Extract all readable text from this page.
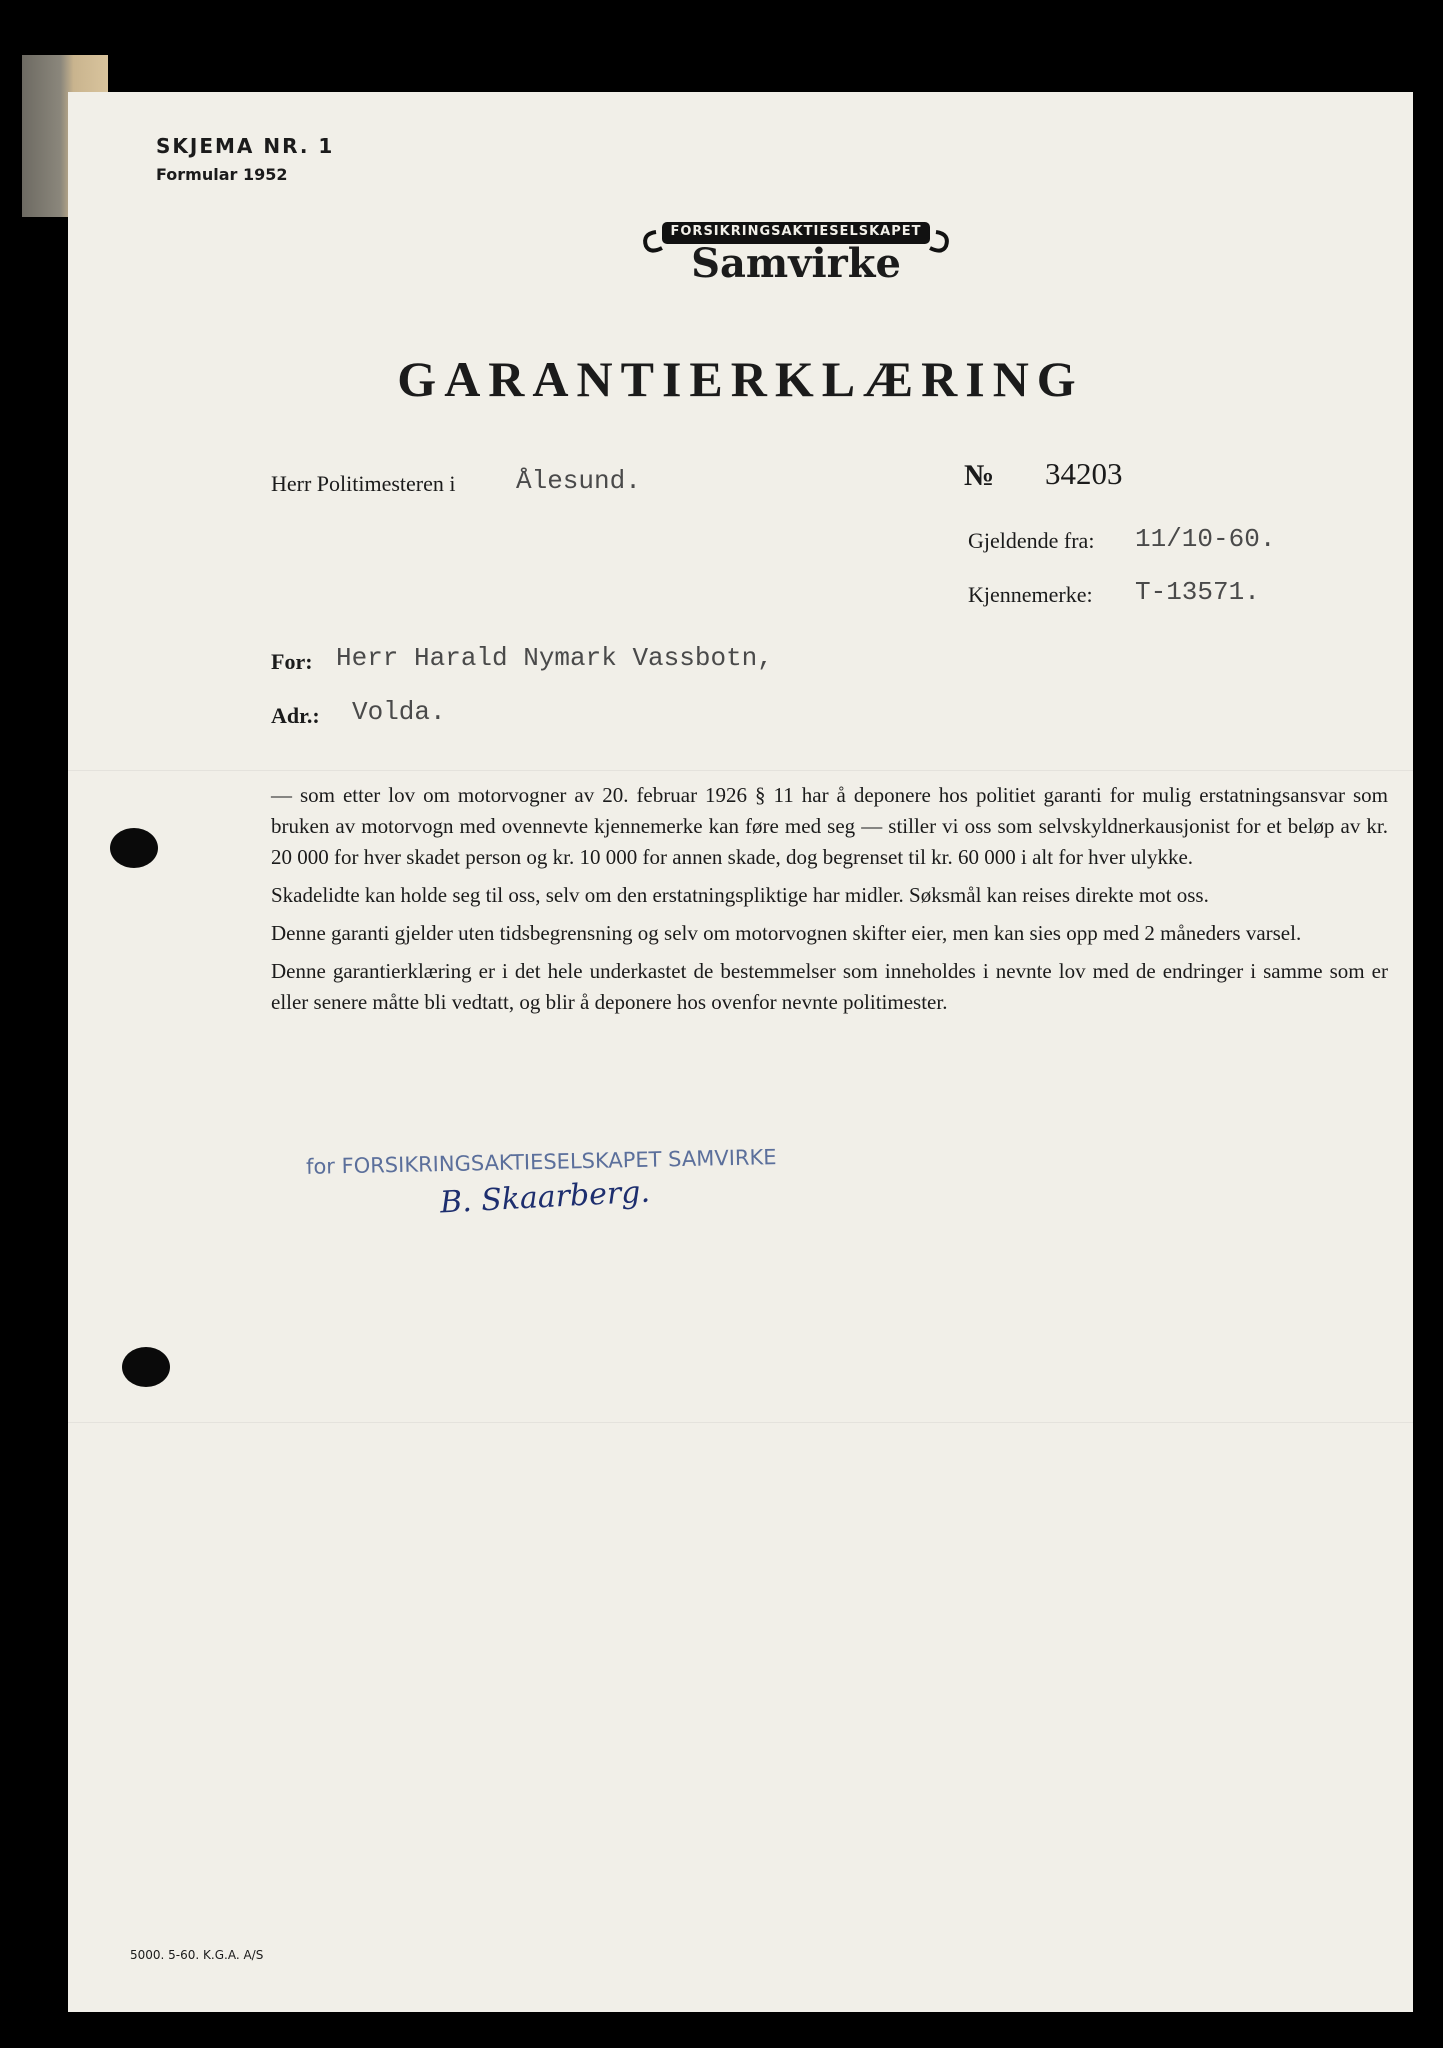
SKJEMA NR. 1
Formular 1952
FORSIKRINGSAKTIESELSKAPET
Samvirke
GARANTIERKLÆRING
Herr Politimesteren i Ålesund.	№ 34203
Gjeldende fra: 11/10-60.
Kjennemerke: T-13571.
For: Herr Harald Nymark Vassbotn,
Adr.: Volda.

— som etter lov om motorvogner av 20. februar 1926 § 11 har å deponere hos politiet garanti for mulig erstatningsansvar som bruken av motorvogn med ovennevte kjennemerke kan føre med seg — stiller vi oss som selvskyldnerkausjonist for et beløp av kr. 20 000 for hver skadet person og kr. 10 000 for annen skade, dog begrenset til kr. 60 000 i alt for hver ulykke.

Skadelidte kan holde seg til oss, selv om den erstatningspliktige har midler. Søksmål kan reises direkte mot oss.

Denne garanti gjelder uten tidsbegrensning og selv om motorvognen skifter eier, men kan sies opp med 2 måneders varsel.

Denne garantierklæring er i det hele underkastet de bestemmelser som inneholdes i nevnte lov med de endringer i samme som er eller senere måtte bli vedtatt, og blir å deponere hos ovenfor nevnte politimester.

for FORSIKRINGSAKTIESELSKAPET SAMVIRKE
B. Skaarberg.
5000. 5-60. K.G.A. A/S
